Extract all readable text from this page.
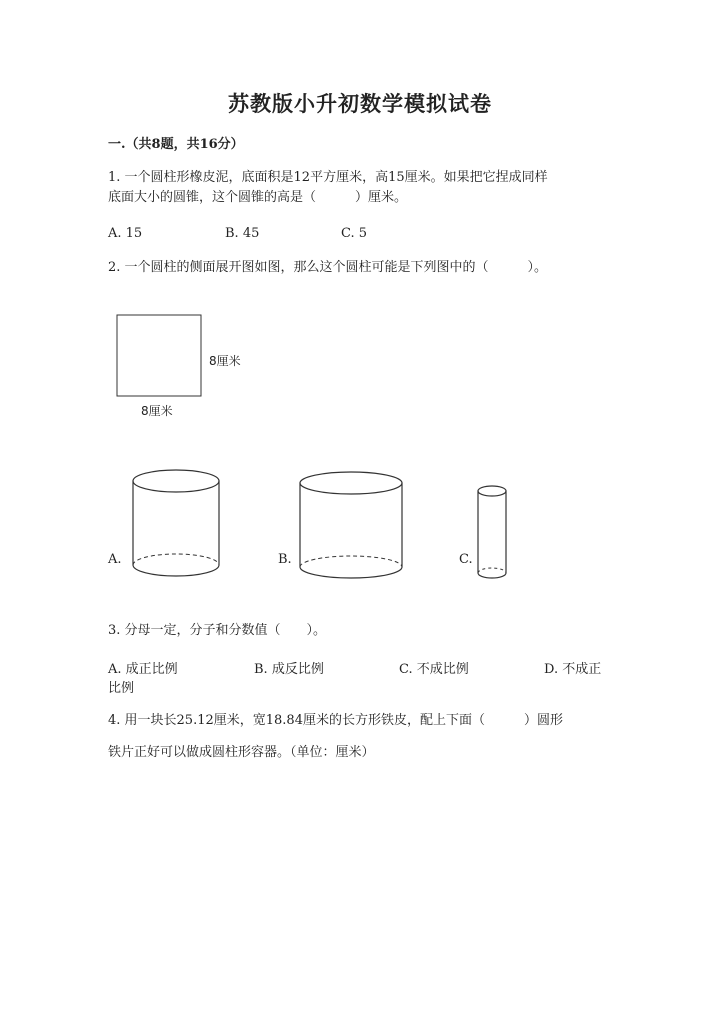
苏教版小升初数学模拟试卷
一.（共8题，共16分）
1. 一个圆柱形橡皮泥，底面积是12平方厘米，高15厘米。如果把它捏成同样
底面大小的圆锥，这个圆锥的高是（　　　）厘米。
A. 15	B. 45	C. 5
2. 一个圆柱的侧面展开图如图，那么这个圆柱可能是下列图中的（　　　）。
8厘米
8厘米
A.	B.	C.
3. 分母一定，分子和分数值（　　）。
A. 成正比例	B. 成反比例	C. 不成比例	D. 不成正
比例
4. 用一块长25.12厘米，宽18.84厘米的长方形铁皮，配上下面（　　　）圆形
铁片正好可以做成圆柱形容器。（单位：厘米）
